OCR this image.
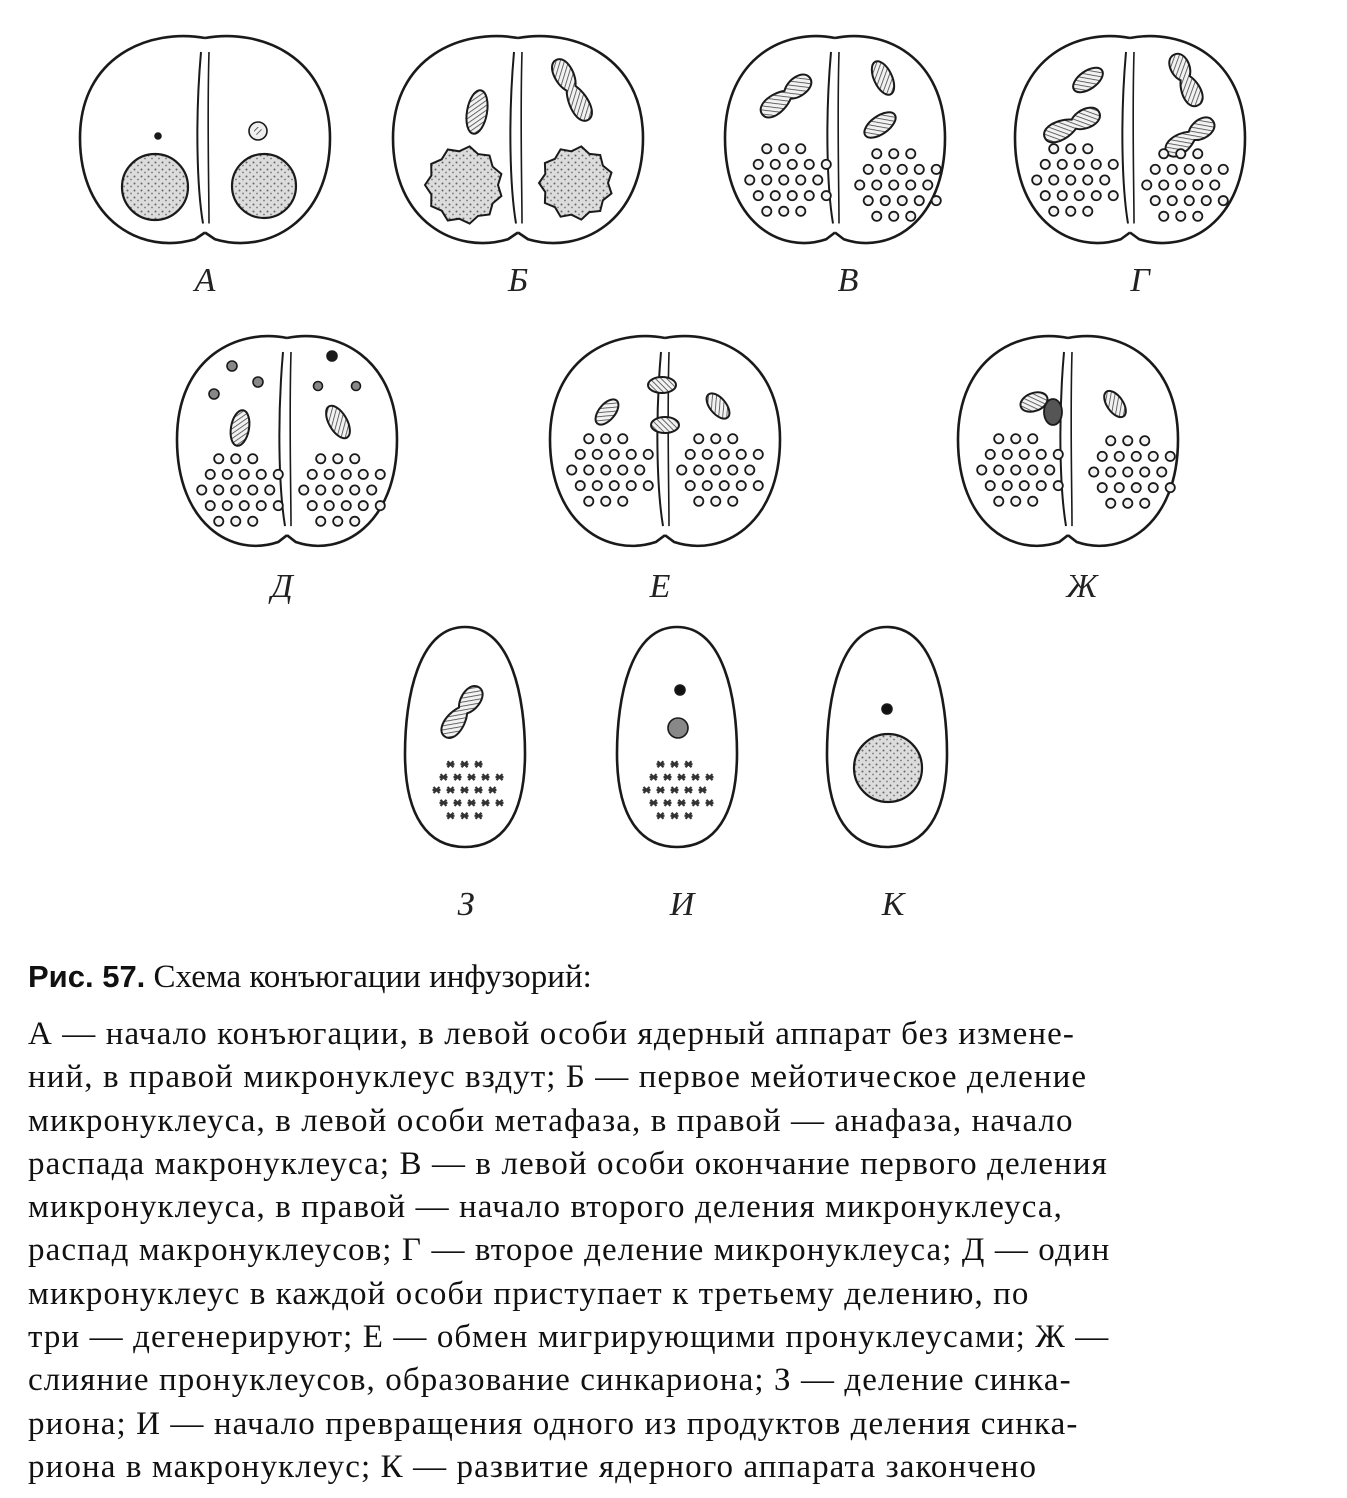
А	Б	В	Г
Д	Е	Ж
З	И	К
Рис. 57. Схема конъюгации инфузорий:
А — начало конъюгации, в левой особи ядерный аппарат без измене-
ний, в правой микронуклеус вздут; Б — первое мейотическое деление
микронуклеуса, в левой особи метафаза, в правой — анафаза, начало
распада макронуклеуса; В — в левой особи окончание первого деления
микронуклеуса, в правой — начало второго деления микронуклеуса,
распад макронуклеусов; Г — второе деление микронуклеуса; Д — один
микронуклеус в каждой особи приступает к третьему делению, по
три — дегенерируют; Е — обмен мигрирующими пронуклеусами; Ж —
слияние пронуклеусов, образование синкариона; З — деление синка-
риона; И — начало превращения одного из продуктов деления синка-
риона в макронуклеус; К — развитие ядерного аппарата закончено
